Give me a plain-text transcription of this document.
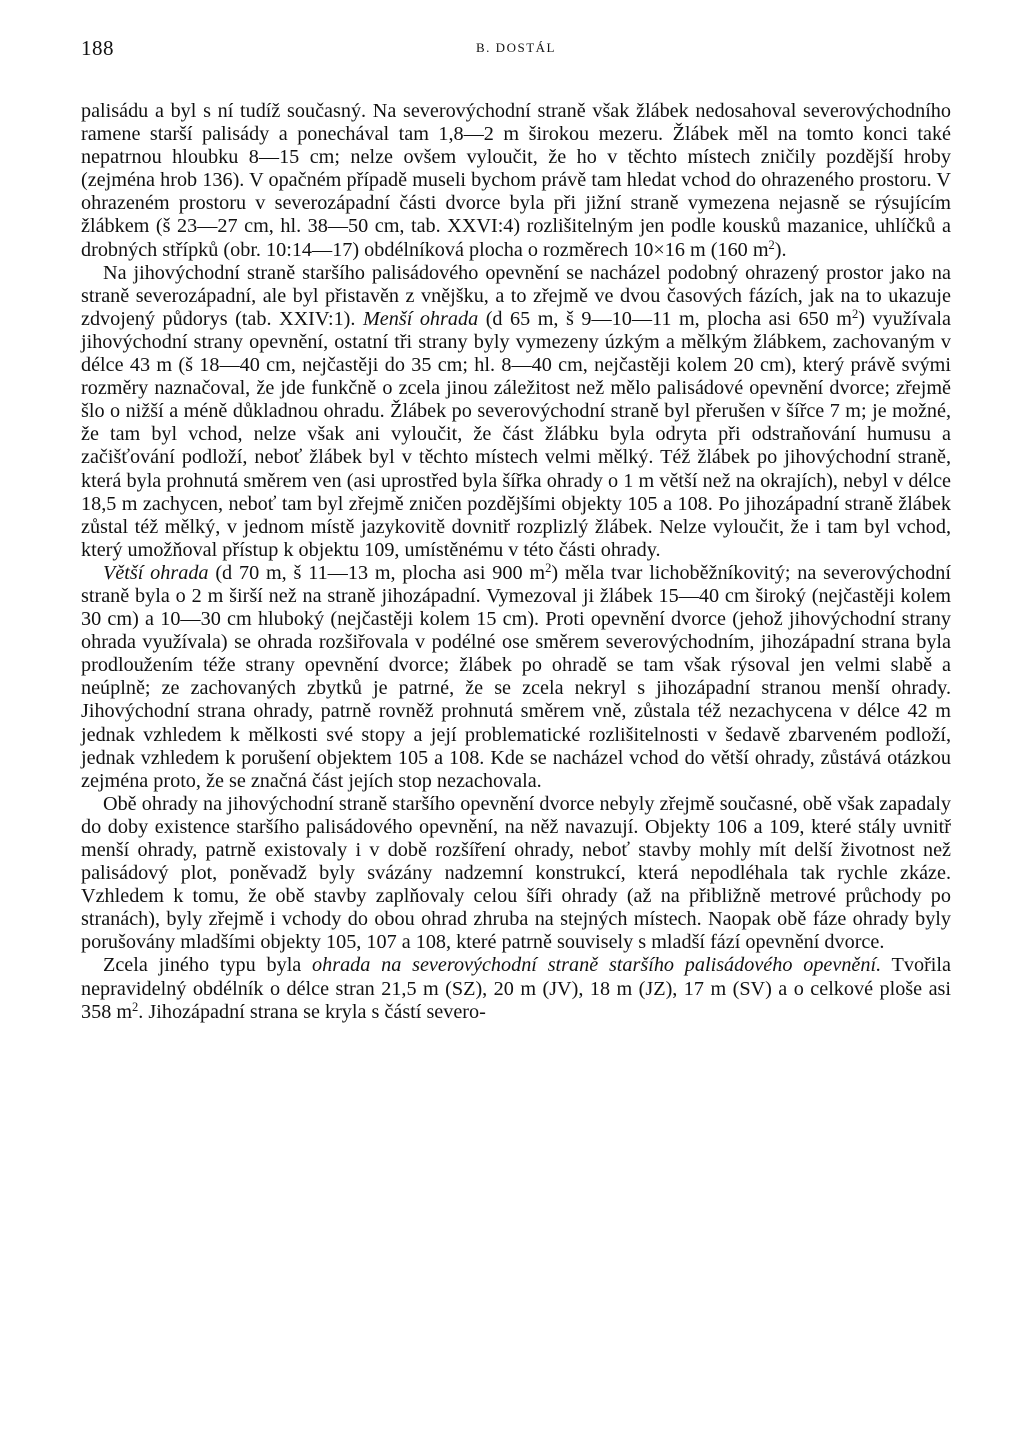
188	B. DOSTÁL

palisádu a byl s ní tudíž současný. Na severovýchodní straně však žlábek nedosahoval severovýchodního ramene starší palisády a ponechával tam 1,8—2 m širokou mezeru. Žlábek měl na tomto konci také nepatrnou hloubku 8—15 cm; nelze ovšem vyloučit, že ho v těchto místech zničily pozdější hroby (zejména hrob 136). V opačném případě museli bychom právě tam hledat vchod do ohrazeného prostoru. V ohrazeném prostoru v severozápadní části dvorce byla při jižní straně vymezena nejasně se rýsujícím žlábkem (š 23—27 cm, hl. 38—50 cm, tab. XXVI:4) rozlišitelným jen podle kousků mazanice, uhlíčků a drobných střípků (obr. 10:14—17) obdélníková plocha o rozměrech 10×16 m (160 $m^2$).

Na jihovýchodní straně staršího palisádového opevnění se nacházel podobný ohrazený prostor jako na straně severozápadní, ale byl přistavěn z vnějšku, a to zřejmě ve dvou časových fázích, jak na to ukazuje zdvojený půdorys (tab. XXIV:1). Menší ohrada (d 65 m, š 9—10—11 m, plocha asi 650 $m^2$) využívala jihovýchodní strany opevnění, ostatní tři strany byly vymezeny úzkým a mělkým žlábkem, zachovaným v délce 43 m (š 18—40 cm, nejčastěji do 35 cm; hl. 8—40 cm, nejčastěji kolem 20 cm), který právě svými rozměry naznačoval, že jde funkčně o zcela jinou záležitost než mělo palisádové opevnění dvorce; zřejmě šlo o nižší a méně důkladnou ohradu. Žlábek po severovýchodní straně byl přerušen v šířce 7 m; je možné, že tam byl vchod, nelze však ani vyloučit, že část žlábku byla odryta při odstraňování humusu a začišťování podloží, neboť žlábek byl v těchto místech velmi mělký. Též žlábek po jihovýchodní straně, která byla prohnutá směrem ven (asi uprostřed byla šířka ohrady o 1 m větší než na okrajích), nebyl v délce 18,5 m zachycen, neboť tam byl zřejmě zničen pozdějšími objekty 105 a 108. Po jihozápadní straně žlábek zůstal též mělký, v jednom místě jazykovitě dovnitř rozplizlý žlábek. Nelze vyloučit, že i tam byl vchod, který umožňoval přístup k objektu 109, umístěnému v této části ohrady.

Větší ohrada (d 70 m, š 11—13 m, plocha asi 900 $m^2$) měla tvar lichoběžníkovitý; na severovýchodní straně byla o 2 m širší než na straně jihozápadní. Vymezoval ji žlábek 15—40 cm široký (nejčastěji kolem 30 cm) a 10—30 cm hluboký (nejčastěji kolem 15 cm). Proti opevnění dvorce (jehož jihovýchodní strany ohrada využívala) se ohrada rozšiřovala v podélné ose směrem severovýchodním, jihozápadní strana byla prodloužením téže strany opevnění dvorce; žlábek po ohradě se tam však rýsoval jen velmi slabě a neúplně; ze zachovaných zbytků je patrné, že se zcela nekryl s jihozápadní stranou menší ohrady. Jihovýchodní strana ohrady, patrně rovněž prohnutá směrem vně, zůstala též nezachycena v délce 42 m jednak vzhledem k mělkosti své stopy a její problematické rozlišitelnosti v šedavě zbarveném podloží, jednak vzhledem k porušení objektem 105 a 108. Kde se nacházel vchod do větší ohrady, zůstává otázkou zejména proto, že se značná část jejích stop nezachovala.

Obě ohrady na jihovýchodní straně staršího opevnění dvorce nebyly zřejmě současné, obě však zapadaly do doby existence staršího palisádového opevnění, na něž navazují. Objekty 106 a 109, které stály uvnitř menší ohrady, patrně existovaly i v době rozšíření ohrady, neboť stavby mohly mít delší životnost než palisádový plot, poněvadž byly svázány nadzemní konstrukcí, která nepodléhala tak rychle zkáze. Vzhledem k tomu, že obě stavby zaplňovaly celou šíři ohrady (až na přibližně metrové průchody po stranách), byly zřejmě i vchody do obou ohrad zhruba na stejných místech. Naopak obě fáze ohrady byly porušovány mladšími objekty 105, 107 a 108, které patrně souvisely s mladší fází opevnění dvorce.

Zcela jiného typu byla ohrada na severovýchodní straně staršího palisádového opevnění. Tvořila nepravidelný obdélník o délce stran 21,5 m (SZ), 20 m (JV), 18 m (JZ), 17 m (SV) a o celkové ploše asi 358 $m^2$. Jihozápadní strana se kryla s částí severo-
